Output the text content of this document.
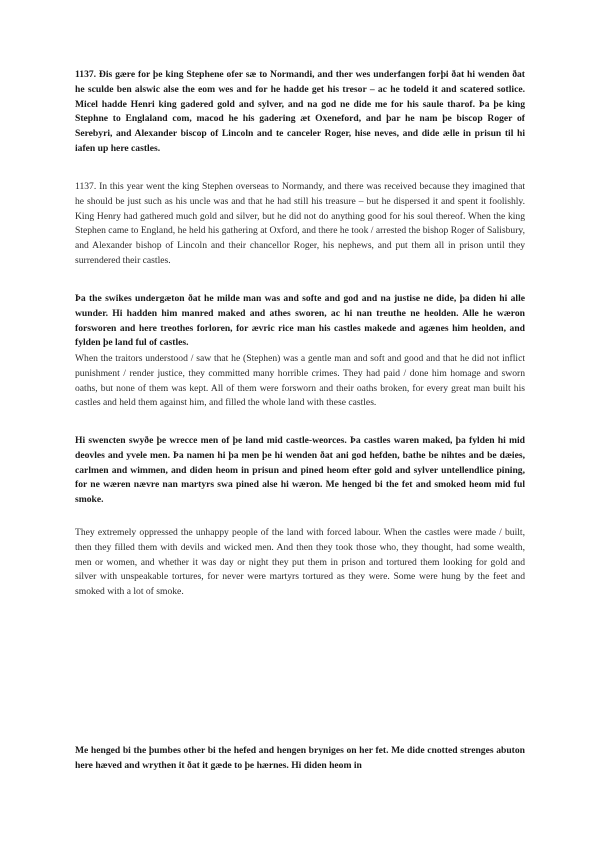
1137. Ðis gære for þe king Stephene ofer sæ to Normandi, and ther wes underfangen forþi ðat hi wenden ðat he sculde ben alswic alse the eom wes and for he hadde get his tresor – ac he todeld it and scatered sotlice. Micel hadde Henri king gadered gold and sylver, and na god ne dide me for his saule tharof. Þa þe king Stephne to Englaland com, macod he his gadering æt Oxeneford, and þar he nam þe biscop Roger of Serebyri, and Alexander biscop of Lincoln and te canceler Roger, hise neves, and dide ælle in prisun til hi iafen up here castles.

1137. In this year went the king Stephen overseas to Normandy, and there was received because they imagined that he should be just such as his uncle was and that he had still his treasure – but he dispersed it and spent it foolishly. King Henry had gathered much gold and silver, but he did not do anything good for his soul thereof. When the king Stephen came to England, he held his gathering at Oxford, and there he took / arrested the bishop Roger of Salisbury, and Alexander bishop of Lincoln and their chancellor Roger, his nephews, and put them all in prison until they surrendered their castles.

Þa the swikes undergæton ðat he milde man was and softe and god and na justise ne dide, þa diden hi alle wunder. Hi hadden him manred maked and athes sworen, ac hi nan treuthe ne heolden. Alle he wæron forsworen and here treothes forloren, for ævric rice man his castles makede and agænes him heolden, and fylden þe land ful of castles.

When the traitors understood / saw that he (Stephen) was a gentle man and soft and good and that he did not inflict punishment / render justice, they committed many horrible crimes. They had paid / done him homage and sworn oaths, but none of them was kept. All of them were forsworn and their oaths broken, for every great man built his castles and held them against him, and filled the whole land with these castles.

Hi swencten swyðe þe wrecce men of þe land mid castle-weorces. Þa castles waren maked, þa fylden hi mid deovles and yvele men. Þa namen hi þa men þe hi wenden ðat ani god hefden, bathe be nihtes and be dæies, carlmen and wimmen, and diden heom in prisun and pined heom efter gold and sylver untellendlice pining, for ne wæren nævre nan martyrs swa pined alse hi wæron. Me henged bi the fet and smoked heom mid ful smoke.

They extremely oppressed the unhappy people of the land with forced labour. When the castles were made / built, then they filled them with devils and wicked men. And then they took those who, they thought, had some wealth, men or women, and whether it was day or night they put them in prison and tortured them looking for gold and silver with unspeakable tortures, for never were martyrs tortured as they were. Some were hung by the feet and smoked with a lot of smoke.

Me henged bi the þumbes other bi the hefed and hengen bryniges on her fet. Me dide cnotted strenges abuton here hæved and wrythen it ðat it gæde to þe hærnes. Hi diden heom in
